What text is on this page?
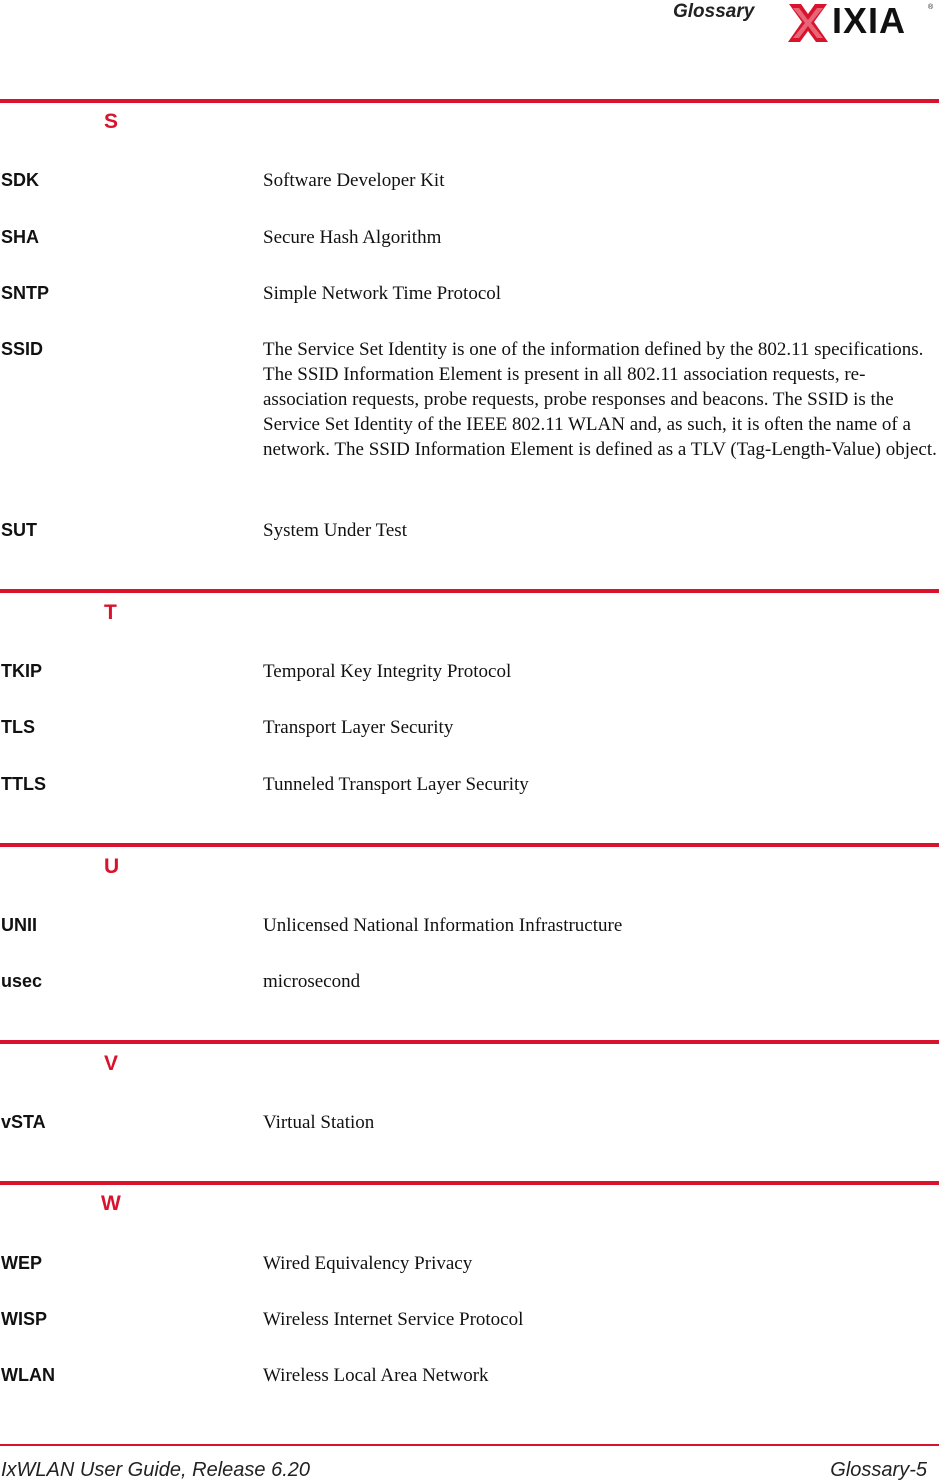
Glossary IXIA	®
S
SDK	Software Developer Kit
SHA	Secure Hash Algorithm
SNTP	Simple Network Time Protocol
SSID	The Service Set Identity is one of the information defined by the 802.11 specifications. The SSID Information Element is present in all 802.11 association requests, re-association requests, probe requests, probe responses and beacons. The SSID is the Service Set Identity of the IEEE 802.11 WLAN and, as such, it is often the name of a network. The SSID Information Element is defined as a TLV (Tag-Length-Value) object.
SUT	System Under Test
T
TKIP	Temporal Key Integrity Protocol
TLS	Transport Layer Security
TTLS	Tunneled Transport Layer Security
U
UNII	Unlicensed National Information Infrastructure
usec	microsecond
V
vSTA	Virtual Station
W
WEP	Wired Equivalency Privacy
WISP	Wireless Internet Service Protocol
WLAN	Wireless Local Area Network
IxWLAN User Guide, Release 6.20	Glossary-5
